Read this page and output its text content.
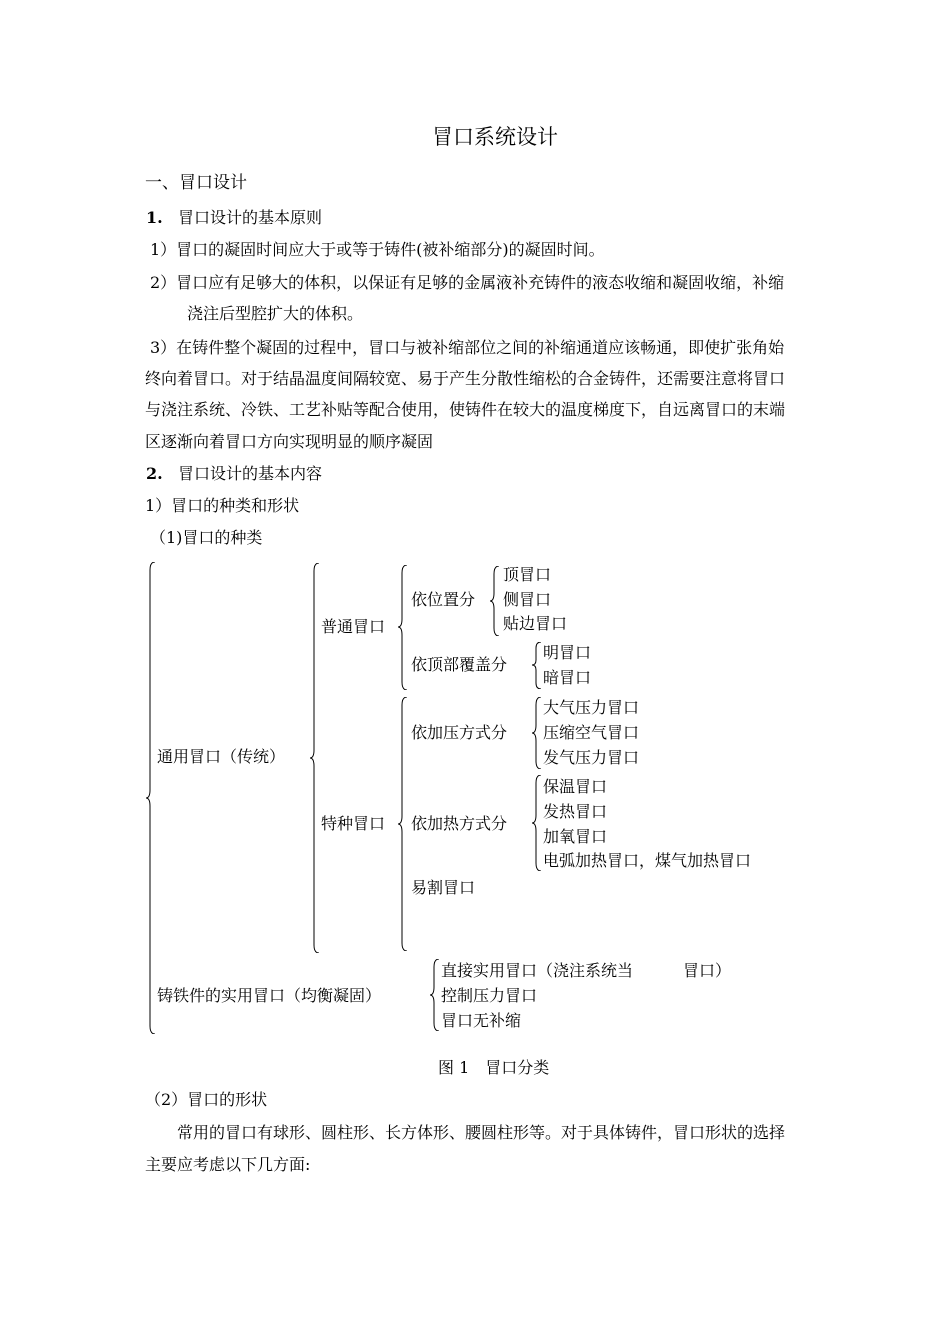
冒口系统设计
一、冒口设计
1. 冒口设计的基本原则
1）冒口的凝固时间应大于或等于铸件(被补缩部分)的凝固时间。
2）冒口应有足够大的体积，以保证有足够的金属液补充铸件的液态收缩和凝固收缩，补缩
浇注后型腔扩大的体积。
3）在铸件整个凝固的过程中，冒口与被补缩部位之间的补缩通道应该畅通，即使扩张角始
终向着冒口。对于结晶温度间隔较宽、易于产生分散性缩松的合金铸件，还需要注意将冒口
与浇注系统、冷铁、工艺补贴等配合使用，使铸件在较大的温度梯度下，自远离冒口的末端
区逐渐向着冒口方向实现明显的顺序凝固
2. 冒口设计的基本内容
1）冒口的种类和形状
（1)冒口的种类
通用冒口（传统）
普通冒口
依位置分
顶冒口
侧冒口
贴边冒口
依顶部覆盖分
明冒口
暗冒口
特种冒口
依加压方式分
大气压力冒口
压缩空气冒口
发气压力冒口
依加热方式分
保温冒口
发热冒口
加氧冒口
电弧加热冒口，煤气加热冒口
易割冒口
铸铁件的实用冒口（均衡凝固）
直接实用冒口（浇注系统当	冒口）
控制压力冒口
冒口无补缩
图 1　冒口分类
（2）冒口的形状
常用的冒口有球形、圆柱形、长方体形、腰圆柱形等。对于具体铸件，冒口形状的选择
主要应考虑以下几方面:
